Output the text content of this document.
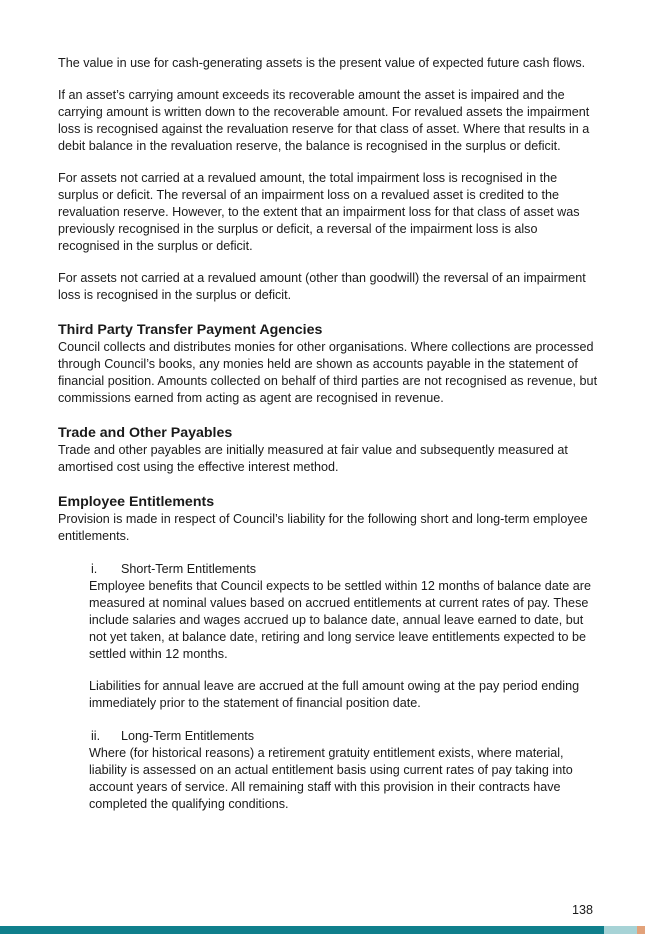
The value in use for cash-generating assets is the present value of expected future cash flows.

If an asset’s carrying amount exceeds its recoverable amount the asset is impaired and the carrying amount is written down to the recoverable amount. For revalued assets the impairment loss is recognised against the revaluation reserve for that class of asset. Where that results in a debit balance in the revaluation reserve, the balance is recognised in the surplus or deficit.

For assets not carried at a revalued amount, the total impairment loss is recognised in the surplus or deficit. The reversal of an impairment loss on a revalued asset is credited to the revaluation reserve. However, to the extent that an impairment loss for that class of asset was previously recognised in the surplus or deficit, a reversal of the impairment loss is also recognised in the surplus or deficit.

For assets not carried at a revalued amount (other than goodwill) the reversal of an impairment loss is recognised in the surplus or deficit.

Third Party Transfer Payment Agencies

Council collects and distributes monies for other organisations. Where collections are processed through Council’s books, any monies held are shown as accounts payable in the statement of financial position. Amounts collected on behalf of third parties are not recognised as revenue, but commissions earned from acting as agent are recognised in revenue.

Trade and Other Payables

Trade and other payables are initially measured at fair value and subsequently measured at amortised cost using the effective interest method.

Employee Entitlements

Provision is made in respect of Council’s liability for the following short and long-term employee entitlements.

i.	Short-Term Entitlements

Employee benefits that Council expects to be settled within 12 months of balance date are measured at nominal values based on accrued entitlements at current rates of pay. These include salaries and wages accrued up to balance date, annual leave earned to date, but not yet taken, at balance date, retiring and long service leave entitlements expected to be settled within 12 months.

Liabilities for annual leave are accrued at the full amount owing at the pay period ending immediately prior to the statement of financial position date.

ii.	Long-Term Entitlements

Where (for historical reasons) a retirement gratuity entitlement exists, where material, liability is assessed on an actual entitlement basis using current rates of pay taking into account years of service. All remaining staff with this provision in their contracts have completed the qualifying conditions.

138
